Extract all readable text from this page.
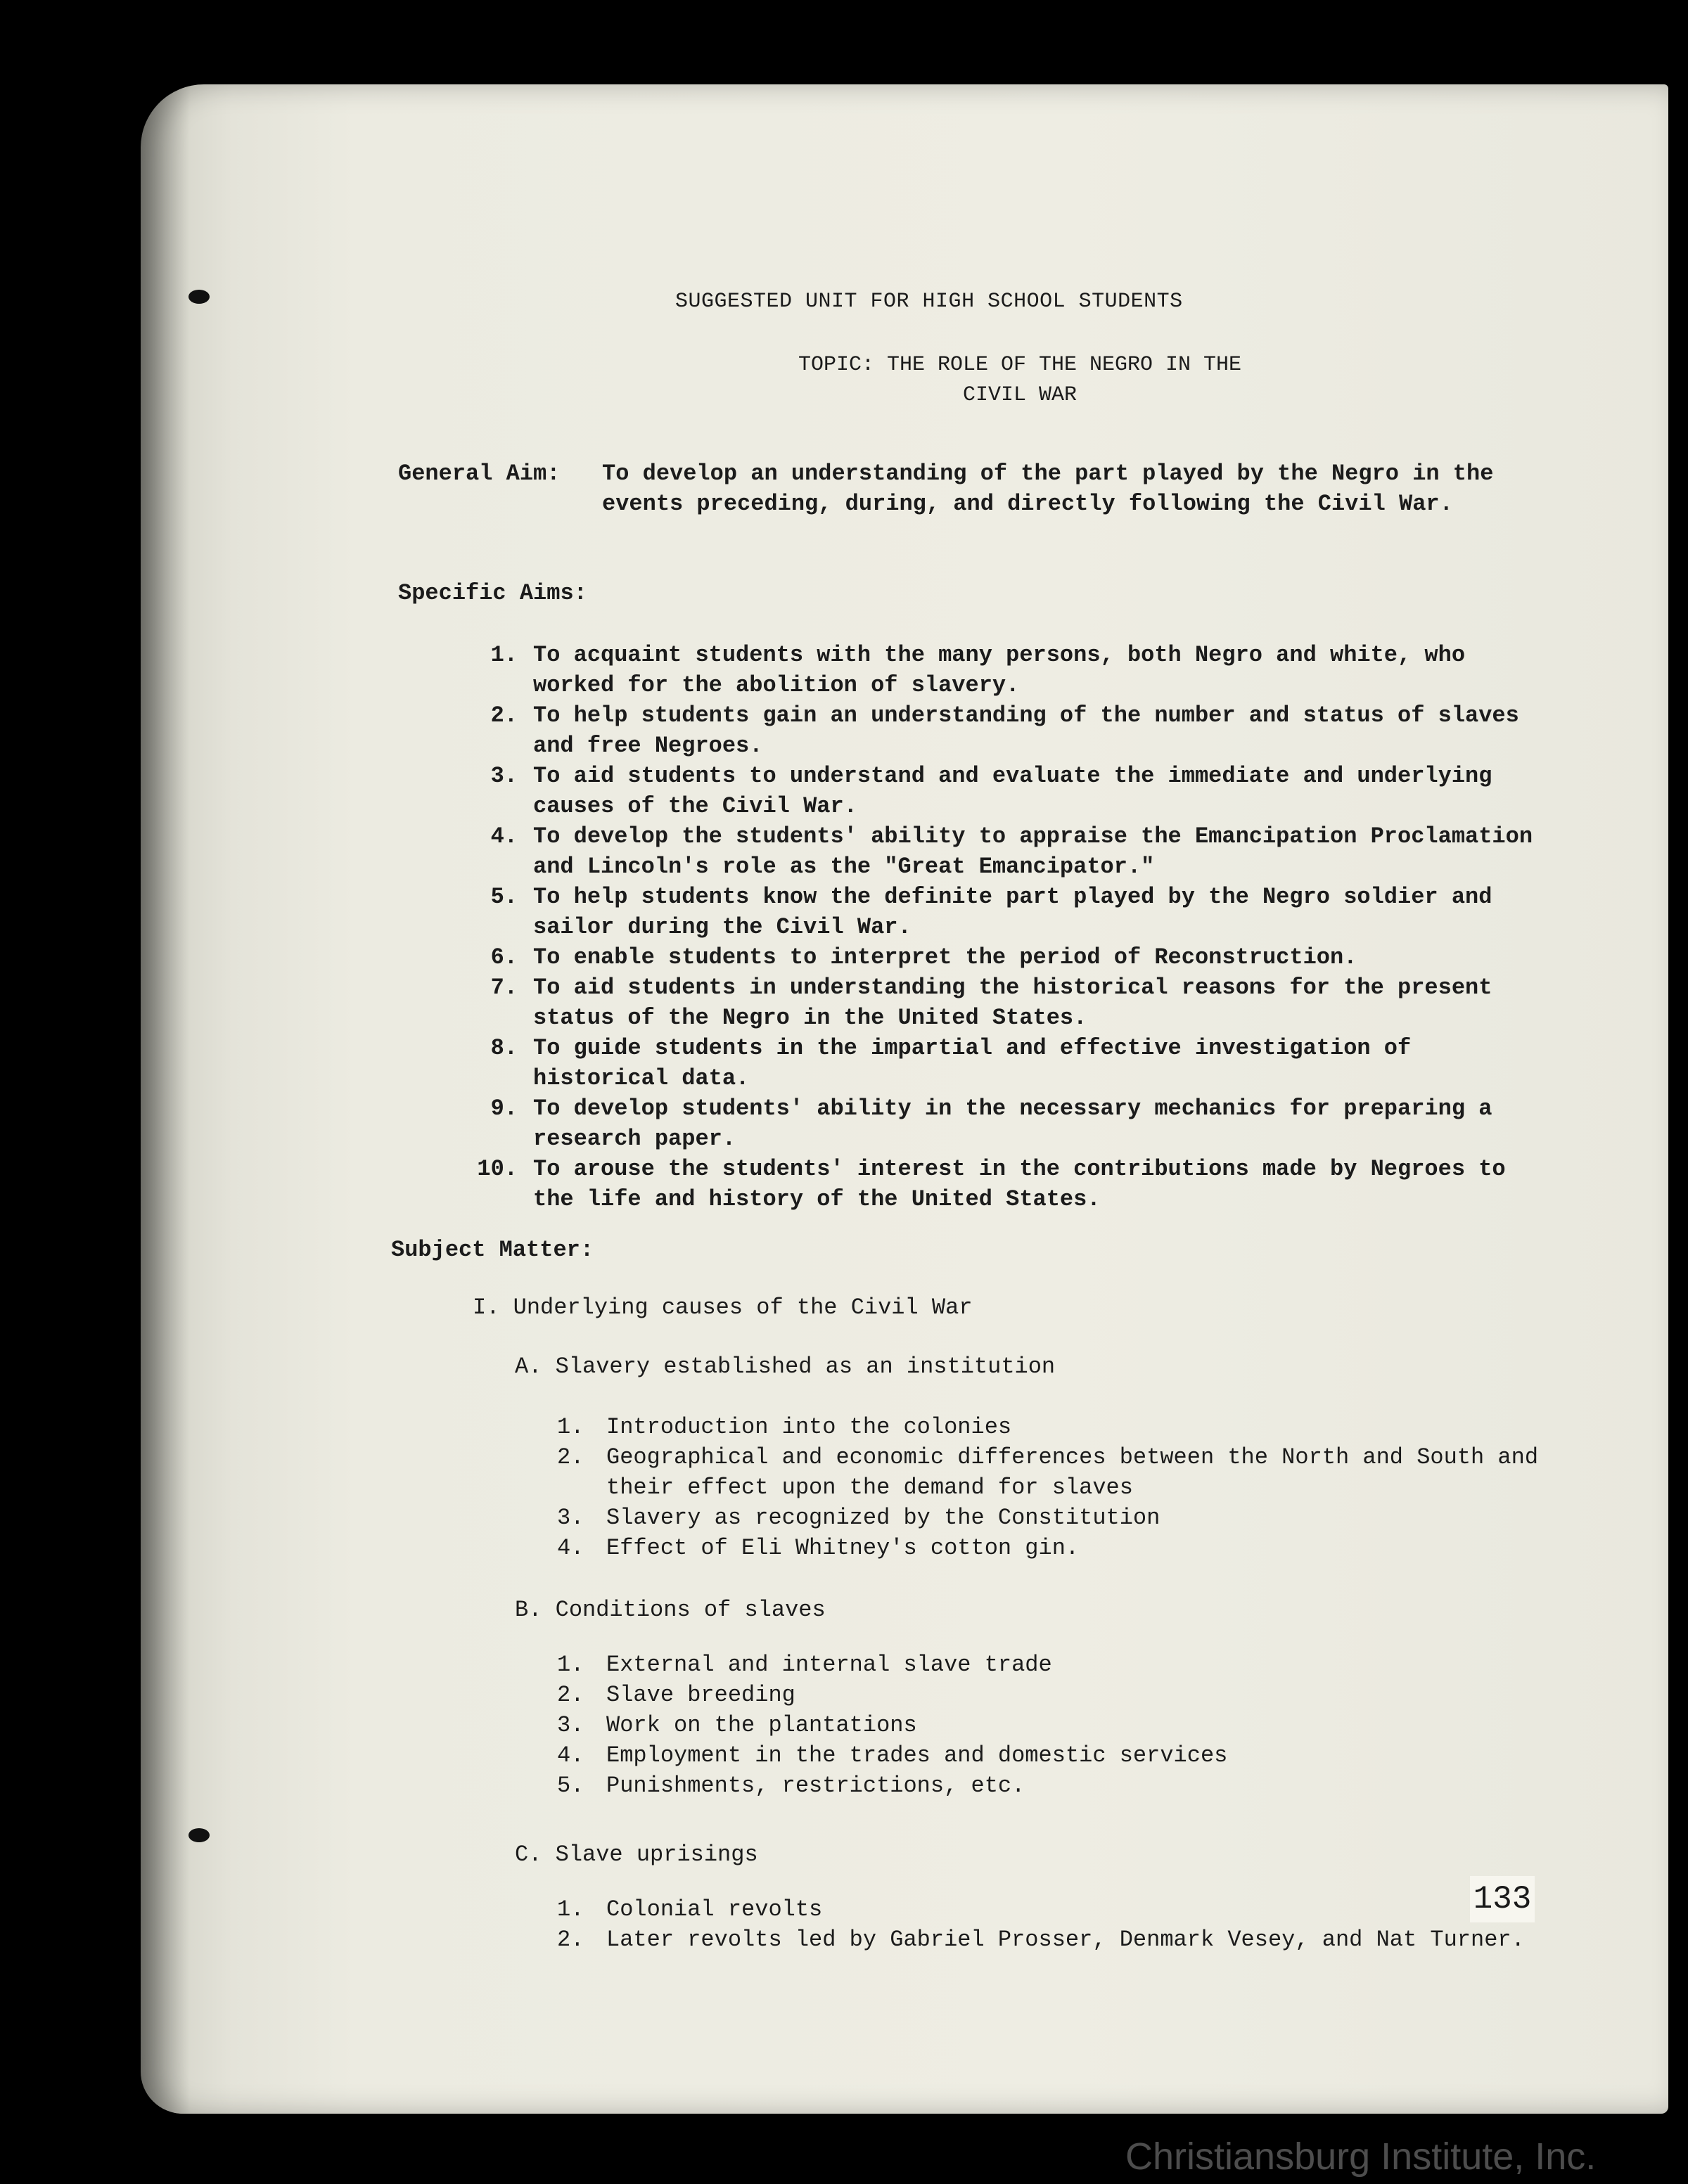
SUGGESTED UNIT FOR HIGH SCHOOL STUDENTS
TOPIC: THE ROLE OF THE NEGRO IN THE
CIVIL WAR
General Aim: To develop an understanding of the part played by the Negro in the events preceding, during, and directly following the Civil War.
Specific Aims:
1. To acquaint students with the many persons, both Negro and white, who worked for the abolition of slavery.
2. To help students gain an understanding of the number and status of slaves and free Negroes.
3. To aid students to understand and evaluate the immediate and underlying causes of the Civil War.
4. To develop the students' ability to appraise the Emancipation Proclamation and Lincoln's role as the "Great Emancipator."
5. To help students know the definite part played by the Negro soldier and sailor during the Civil War.
6. To enable students to interpret the period of Reconstruction.
7. To aid students in understanding the historical reasons for the present status of the Negro in the United States.
8. To guide students in the impartial and effective investigation of historical data.
9. To develop students' ability in the necessary mechanics for preparing a research paper.
10. To arouse the students' interest in the contributions made by Negroes to the life and history of the United States.
Subject Matter:
I. Underlying causes of the Civil War
A. Slavery established as an institution
1. Introduction into the colonies
2. Geographical and economic differences between the North and South and their effect upon the demand for slaves
3. Slavery as recognized by the Constitution
4. Effect of Eli Whitney's cotton gin.
B. Conditions of slaves
1. External and internal slave trade
2. Slave breeding
3. Work on the plantations
4. Employment in the trades and domestic services
5. Punishments, restrictions, etc.
C. Slave uprisings
1. Colonial revolts
2. Later revolts led by Gabriel Prosser, Denmark Vesey, and Nat Turner.
133
Christiansburg Institute, Inc.
